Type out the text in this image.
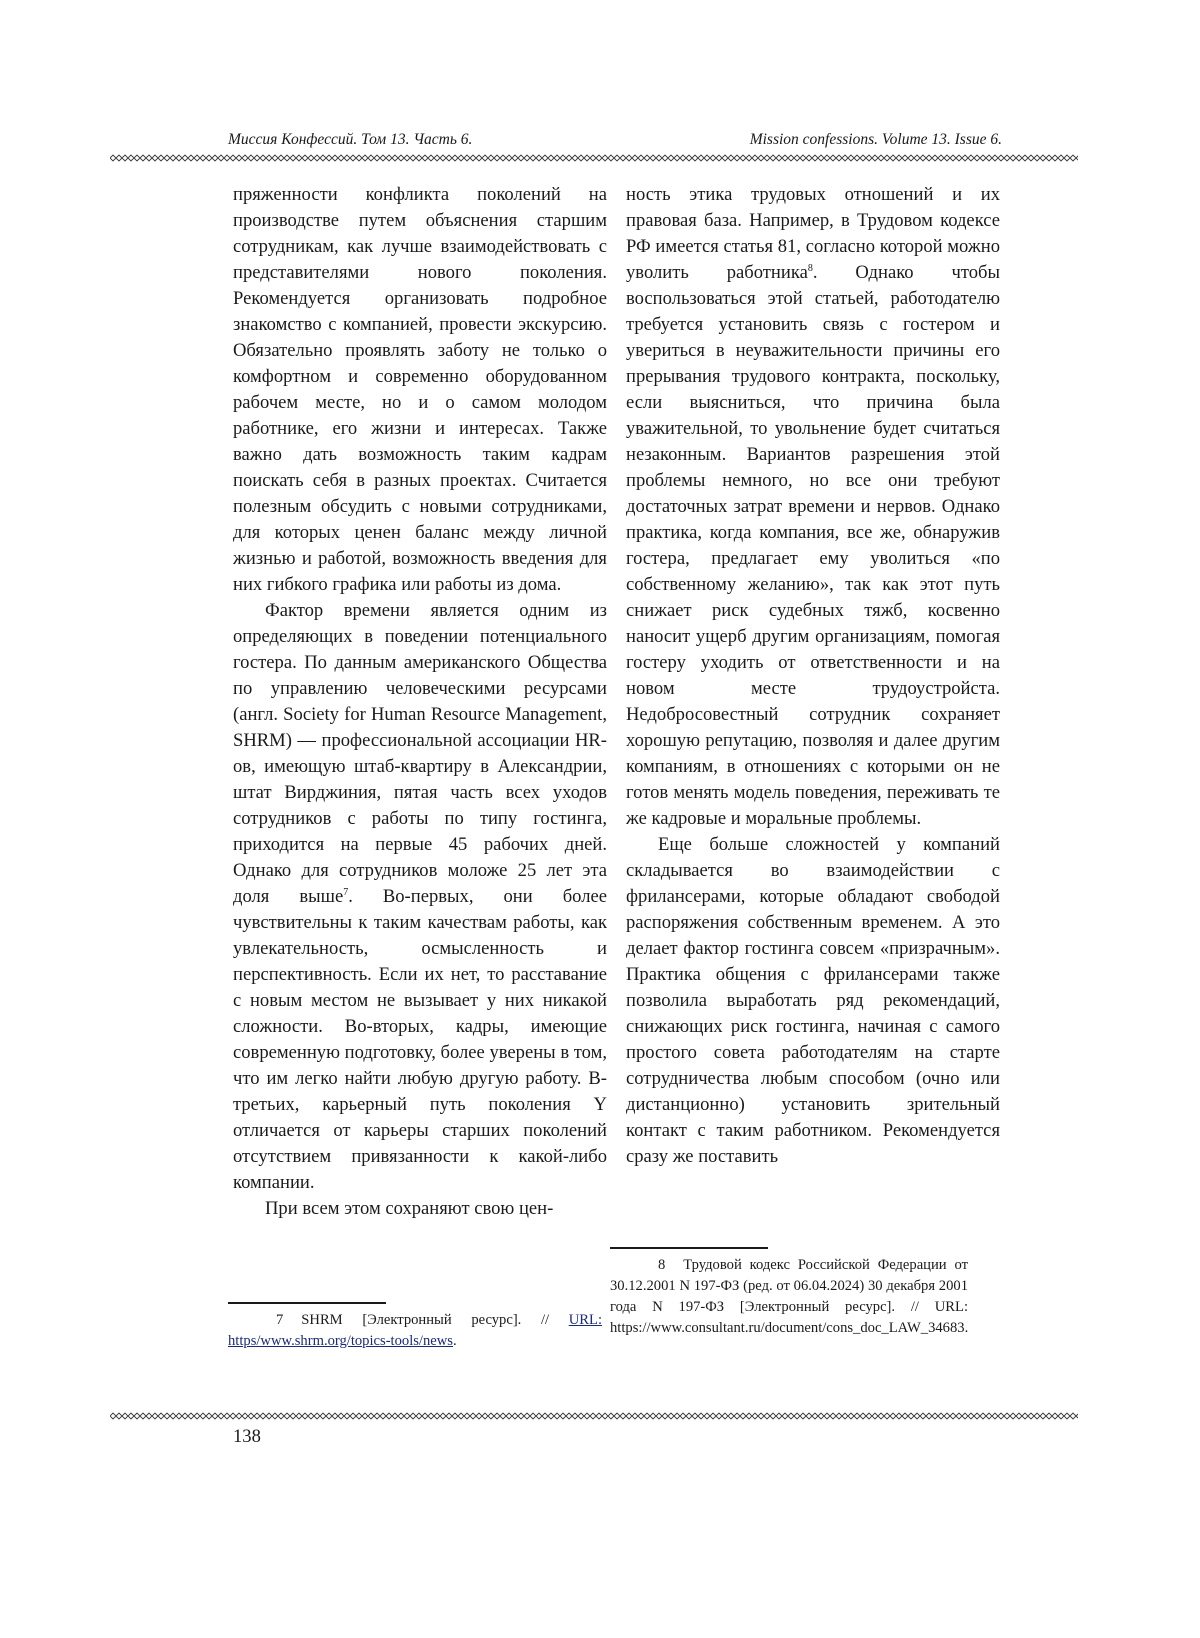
Миссия Конфессий. Том 13. Часть 6.	Mission confessions. Volume 13. Issue 6.

пряженности конфликта поколений на производстве путем объяснения старшим сотрудникам, как лучше взаимодействовать с представителями нового поколения. Рекомендуется организовать подробное знакомство с компанией, провести экскурсию. Обязательно проявлять заботу не только о комфортном и современно оборудованном рабочем месте, но и о самом молодом работнике, его жизни и интересах. Также важно дать возможность таким кадрам поискать себя в разных проектах. Считается полезным обсудить с новыми сотрудниками, для которых ценен баланс между личной жизнью и работой, возможность введения для них гибкого графика или работы из дома.

Фактор времени является одним из определяющих в поведении потенциального гостера. По данным американского Общества по управлению человеческими ресурсами (англ. Society for Human Resource Management, SHRM) — профессиональной ассоциации HR-ов, имеющую штаб-квартиру в Александрии, штат Вирджиния, пятая часть всех уходов сотрудников с работы по типу гостинга, приходится на первые 45 рабочих дней. Однако для сотрудников моложе 25 лет эта доля выше$^7$. Во-первых, они более чувствительны к таким качествам работы, как увлекательность, осмысленность и перспективность. Если их нет, то расставание с новым местом не вызывает у них никакой сложности. Во-вторых, кадры, имеющие современную подготовку, более уверены в том, что им легко найти любую другую работу. В-третьих, карьерный путь поколения Y отличается от карьеры старших поколений отсутствием привязанности к какой-либо компании.

При всем этом сохраняют свою цен-

ность этика трудовых отношений и их правовая база. Например, в Трудовом кодексе РФ имеется статья 81, согласно которой можно уволить работника$^8$. Однако чтобы воспользоваться этой статьей, работодателю требуется установить связь с гостером и увериться в неуважительности причины его прерывания трудового контракта, поскольку, если выясниться, что причина была уважительной, то увольнение будет считаться незаконным. Вариантов разрешения этой проблемы немного, но все они требуют достаточных затрат времени и нервов. Однако практика, когда компания, все же, обнаружив гостера, предлагает ему уволиться «по собственному желанию», так как этот путь снижает риск судебных тяжб, косвенно наносит ущерб другим организациям, помогая гостеру уходить от ответственности и на новом месте трудоустройста. Недобросовестный сотрудник сохраняет хорошую репутацию, позволяя и далее другим компаниям, в отношениях с которыми он не готов менять модель поведения, переживать те же кадровые и моральные проблемы.

Еще больше сложностей у компаний складывается во взаимодействии с фрилансерами, которые обладают свободой распоряжения собственным временем. А это делает фактор гостинга совсем «призрачным». Практика общения с фрилансерами также позволила выработать ряд рекомендаций, снижающих риск гостинга, начиная с самого простого совета работодателям на старте сотрудничества любым способом (очно или дистанционно) установить зрительный контакт с таким работником. Рекомендуется сразу же поставить

7 SHRM [Электронный ресурс]. // URL: https/www.shrm.org/topics-tools/news.
8 Трудовой кодекс Российской Федерации от 30.12.2001 N 197-ФЗ (ред. от 06.04.2024) 30 декабря 2001 года N 197-ФЗ [Электронный ресурс]. // URL: https://www.consultant.ru/document/cons_doc_LAW_34683.
138
